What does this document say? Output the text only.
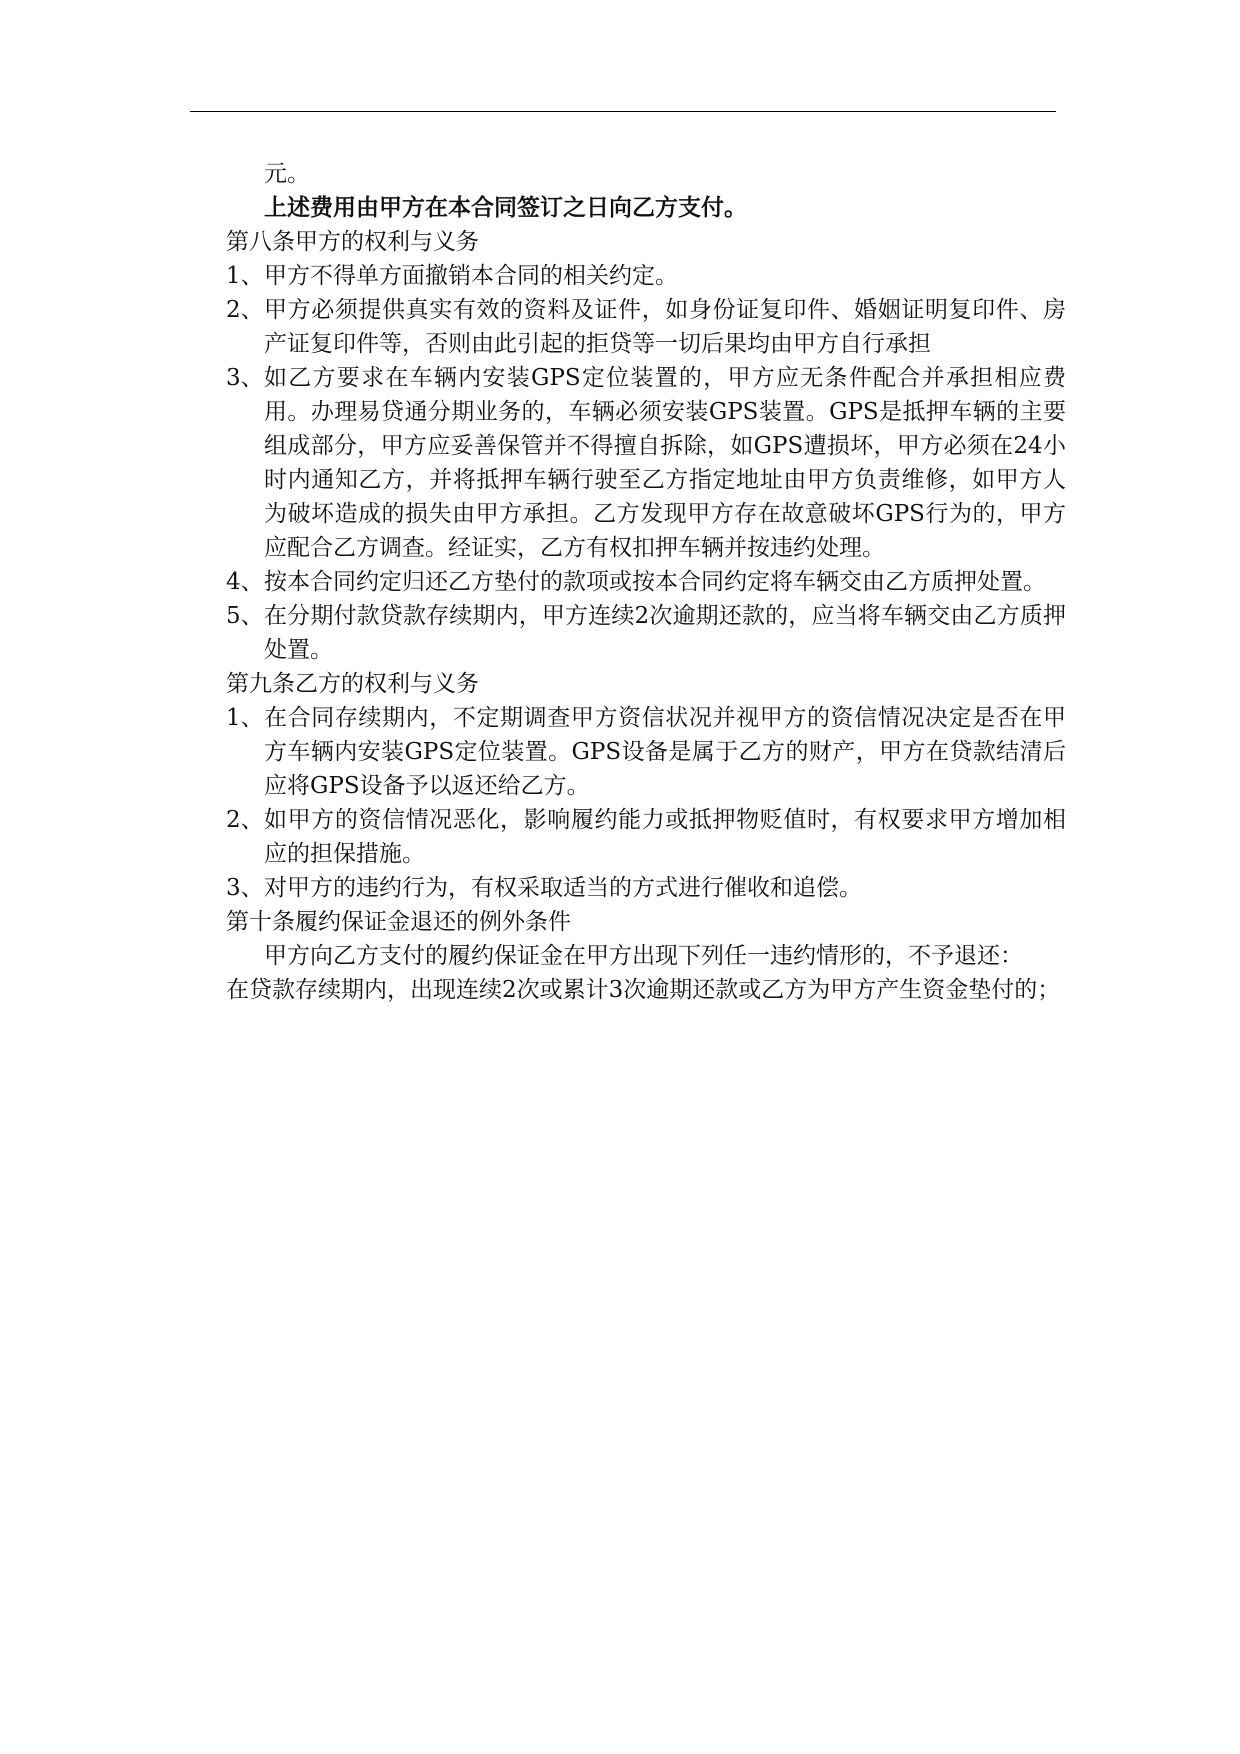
元。

上述费用由甲方在本合同签订之日向乙方支付。

第八条甲方的权利与义务

1、 甲方不得单方面撤销本合同的相关约定。
2、 甲方必须提供真实有效的资料及证件，如身份证复印件、婚姻证明复印件、房产证复印件等，否则由此引起的拒贷等一切后果均由甲方自行承担
3、 如乙方要求在车辆内安装GPS定位装置的，甲方应无条件配合并承担相应费用。办理易贷通分期业务的，车辆必须安装GPS装置。GPS是抵押车辆的主要组成部分，甲方应妥善保管并不得擅自拆除，如GPS遭损坏，甲方必须在24小时内通知乙方，并将抵押车辆行驶至乙方指定地址由甲方负责维修，如甲方人为破坏造成的损失由甲方承担。乙方发现甲方存在故意破坏GPS行为的，甲方应配合乙方调查。经证实，乙方有权扣押车辆并按违约处理。
4、 按本合同约定归还乙方垫付的款项或按本合同约定将车辆交由乙方质押处置。
5、 在分期付款贷款存续期内，甲方连续2次逾期还款的，应当将车辆交由乙方质押处置。

第九条乙方的权利与义务

1、 在合同存续期内，不定期调查甲方资信状况并视甲方的资信情况决定是否在甲方车辆内安装GPS定位装置。GPS设备是属于乙方的财产，甲方在贷款结清后应将GPS设备予以返还给乙方。
2、 如甲方的资信情况恶化，影响履约能力或抵押物贬值时，有权要求甲方增加相应的担保措施。
3、 对甲方的违约行为，有权采取适当的方式进行催收和追偿。

第十条履约保证金退还的例外条件

甲方向乙方支付的履约保证金在甲方出现下列任一违约情形的，不予退还：

在贷款存续期内，出现连续2次或累计3次逾期还款或乙方为甲方产生资金垫付的；
